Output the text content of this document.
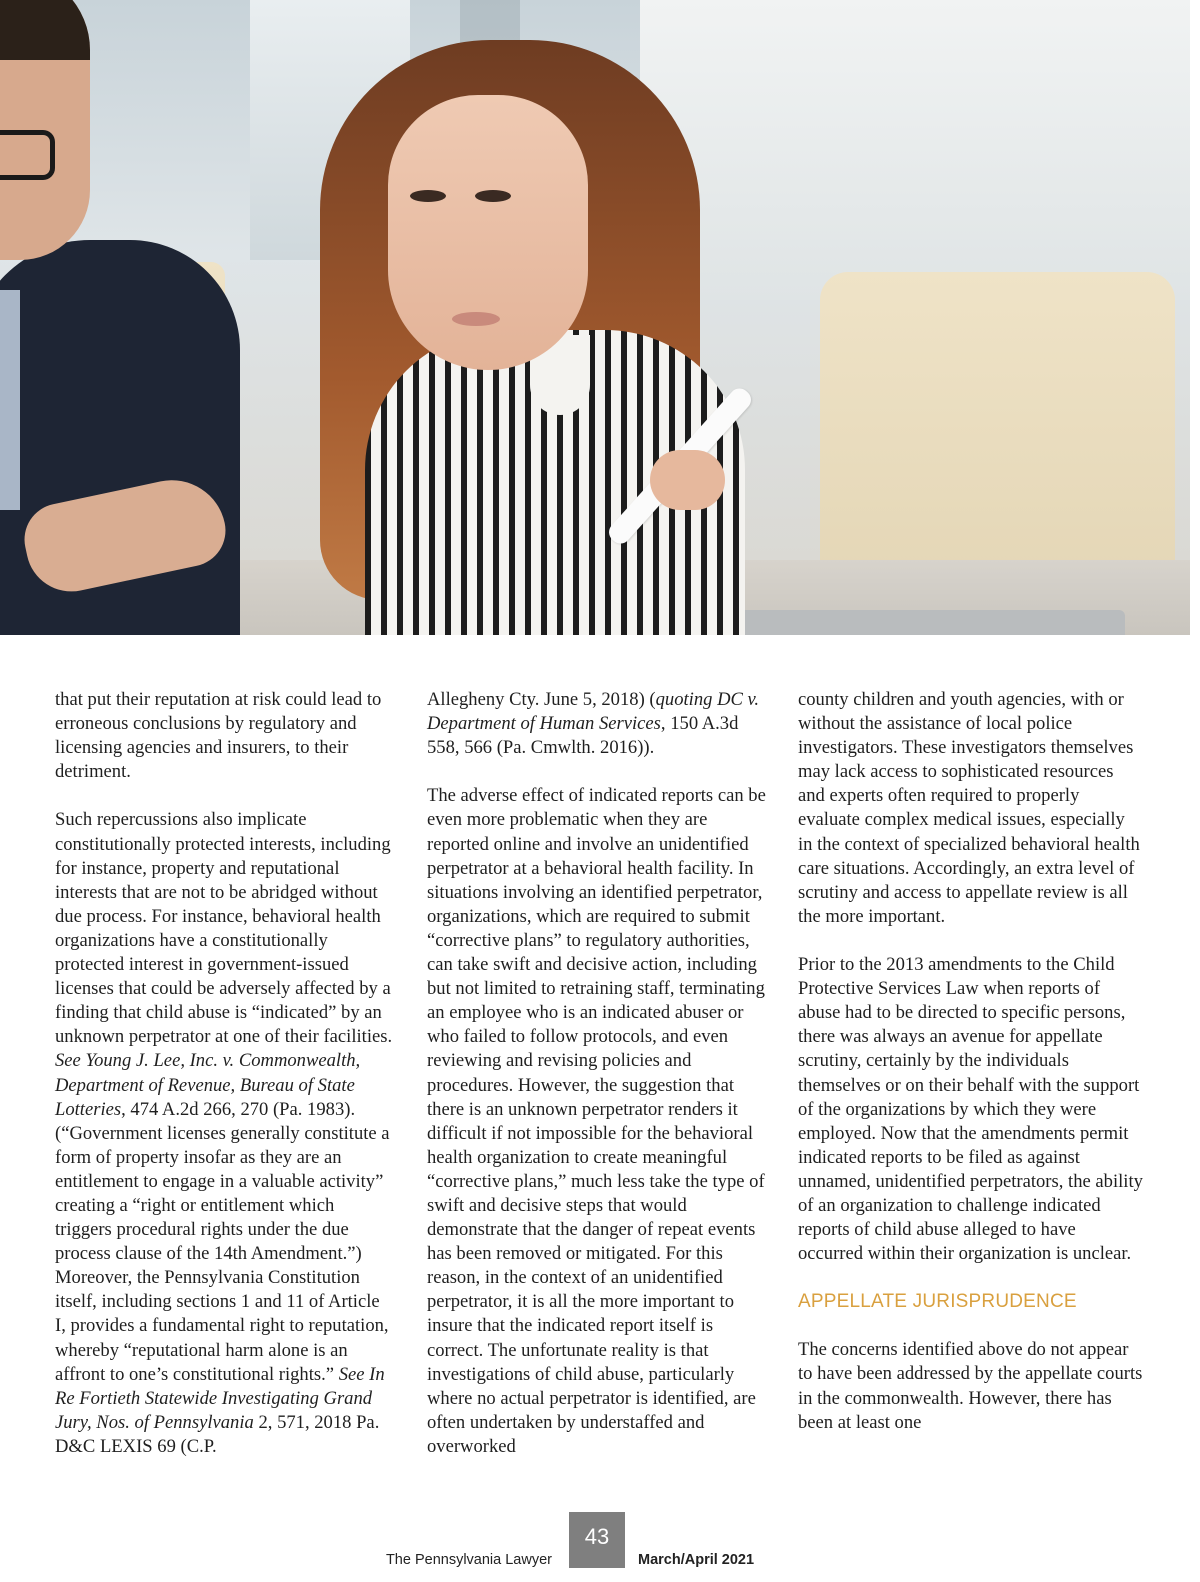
that put their reputation at risk could lead to erroneous conclusions by regulatory and licensing agencies and insurers, to their detriment.

Such repercussions also implicate constitutionally protected interests, including for instance, property and reputational interests that are not to be abridged without due process. For instance, behavioral health organizations have a constitutionally protected interest in government-issued licenses that could be adversely affected by a finding that child abuse is “indicated” by an unknown perpetrator at one of their facilities. See Young J. Lee, Inc. v. Commonwealth, Department of Revenue, Bureau of State Lotteries, 474 A.2d 266, 270 (Pa. 1983). (“Government licenses generally constitute a form of property insofar as they are an entitlement to engage in a valuable activity” creating a “right or entitlement which triggers procedural rights under the due process clause of the 14th Amendment.”) Moreover, the Pennsylvania Constitution itself, including sections 1 and 11 of Article I, provides a fundamental right to reputation, whereby “reputational harm alone is an affront to one’s constitutional rights.” See In Re Fortieth Statewide Investigating Grand Jury, Nos. of Pennsylvania 2, 571, 2018 Pa. D&C LEXIS 69 (C.P.

Allegheny Cty. June 5, 2018) (quoting DC v. Department of Human Services, 150 A.3d 558, 566 (Pa. Cmwlth. 2016)).

The adverse effect of indicated reports can be even more problematic when they are reported online and involve an unidentified perpetrator at a behavioral health facility. In situations involving an identified perpetrator, organizations, which are required to submit “corrective plans” to regulatory authorities, can take swift and decisive action, including but not limited to retraining staff, terminating an employee who is an indicated abuser or who failed to follow protocols, and even reviewing and revising policies and procedures. However, the suggestion that there is an unknown perpetrator renders it difficult if not impossible for the behavioral health organization to create meaningful “corrective plans,” much less take the type of swift and decisive steps that would demonstrate that the danger of repeat events has been removed or mitigated. For this reason, in the context of an unidentified perpetrator, it is all the more important to insure that the indicated report itself is correct. The unfortunate reality is that investigations of child abuse, particularly where no actual perpetrator is identified, are often undertaken by understaffed and overworked

county children and youth agencies, with or without the assistance of local police investigators. These investigators themselves may lack access to sophisticated resources and experts often required to properly evaluate complex medical issues, especially in the context of specialized behavioral health care situations. Accordingly, an extra level of scrutiny and access to appellate review is all the more important.

Prior to the 2013 amendments to the Child Protective Services Law when reports of abuse had to be directed to specific persons, there was always an avenue for appellate scrutiny, certainly by the individuals themselves or on their behalf with the support of the organizations by which they were employed. Now that the amendments permit indicated reports to be filed as against unnamed, unidentified perpetrators, the ability of an organization to challenge indicated reports of child abuse alleged to have occurred within their organization is unclear.

APPELLATE JURISPRUDENCE

The concerns identified above do not appear to have been addressed by the appellate courts in the commonwealth. However, there has been at least one

The Pennsylvania Lawyer
43
March/April 2021
